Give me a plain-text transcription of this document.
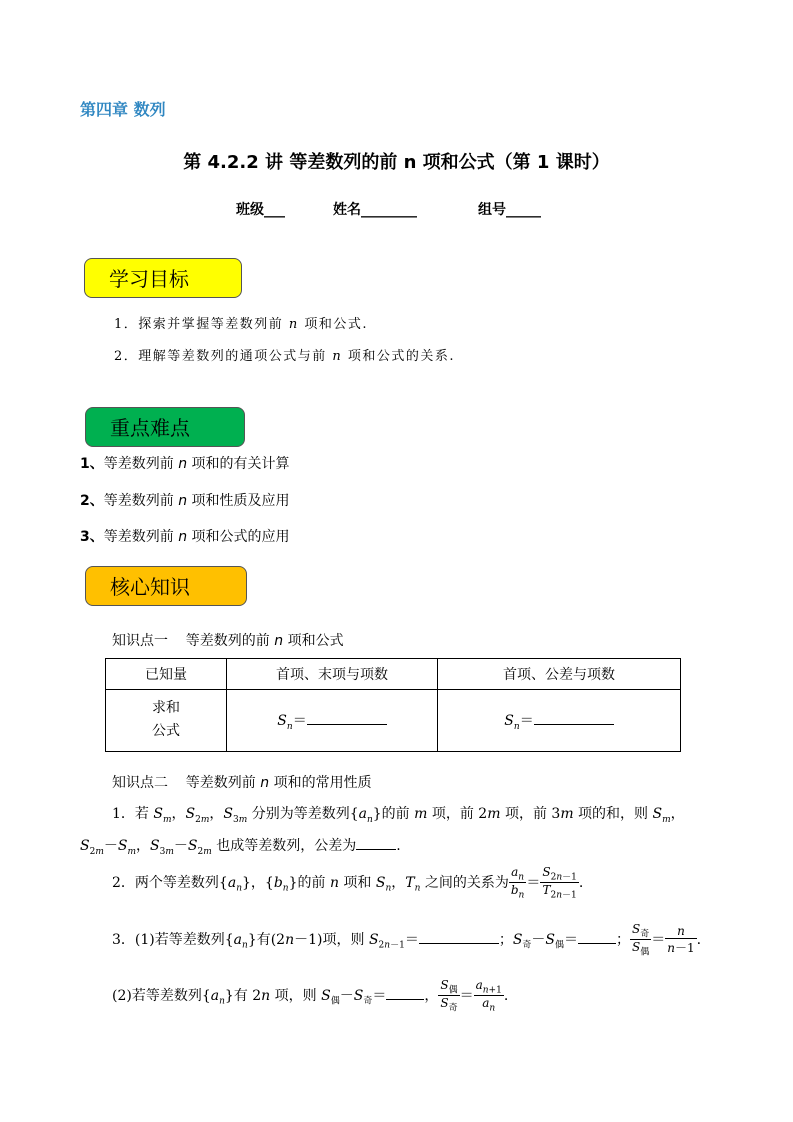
第四章 数列
第 4.2.2 讲 等差数列的前 n 项和公式（第 1 课时）
班级___	姓名________	组号_____
学习目标
1．探索并掌握等差数列前 n 项和公式.
2．理解等差数列的通项公式与前 n 项和公式的关系.
重点难点
1、等差数列前 n 项和的有关计算
2、等差数列前 n 项和性质及应用
3、等差数列前 n 项和公式的应用
核心知识
知识点一    等差数列的前 n 项和公式
已知量	首项、末项与项数	首项、公差与项数
求和
公式	$S_n=$	$S_n=$
知识点二    等差数列前 n 项和的常用性质
1．若 $S_m$，$S_{2m}$，$S_{3m}$ 分别为等差数列$\{a_n\}$的前 m 项，前 2m 项，前 3m 项的和，则 $S_m$，
$S_{2m}-S_m$，$S_{3m}-S_{2m}$ 也成等差数列，公差为	.
2．两个等差数列$\{a_n\}$，$\{b_n\}$的前 n 项和 $S_n$，$T_n$ 之间的关系为 $\frac{a_n}{b_n} = \frac{S_{2n-1}}{T_{2n-1}}$ .
3．(1)若等差数列$\{a_n\}$有(2n－1)项，则 $S_{2n-1}=$	；$S_奇-S_偶=$	； $\frac{S_奇}{S_偶} = \frac{n}{n-1}$ .
(2)若等差数列$\{a_n\}$有 2n 项，则 $S_偶-S_奇=$	， $\frac{S_偶}{S_奇} = \frac{a_{n+1}}{a_n}$ .
